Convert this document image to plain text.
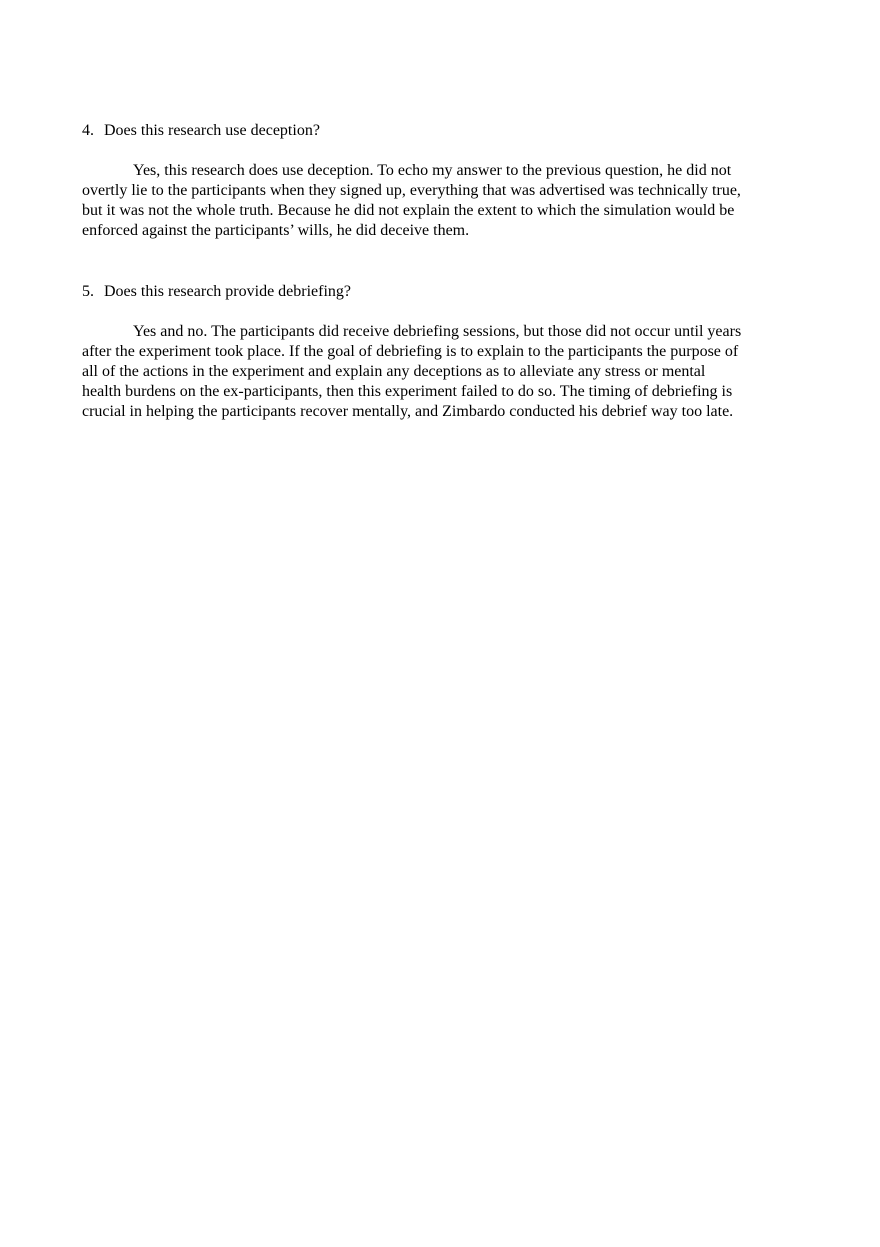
4. Does this research use deception?

Yes, this research does use deception. To echo my answer to the previous question, he did not
overtly lie to the participants when they signed up, everything that was advertised was technically true,
but it was not the whole truth. Because he did not explain the extent to which the simulation would be
enforced against the participants’ wills, he did deceive them.

5. Does this research provide debriefing?

Yes and no. The participants did receive debriefing sessions, but those did not occur until years
after the experiment took place. If the goal of debriefing is to explain to the participants the purpose of
all of the actions in the experiment and explain any deceptions as to alleviate any stress or mental
health burdens on the ex-participants, then this experiment failed to do so. The timing of debriefing is
crucial in helping the participants recover mentally, and Zimbardo conducted his debrief way too late.
